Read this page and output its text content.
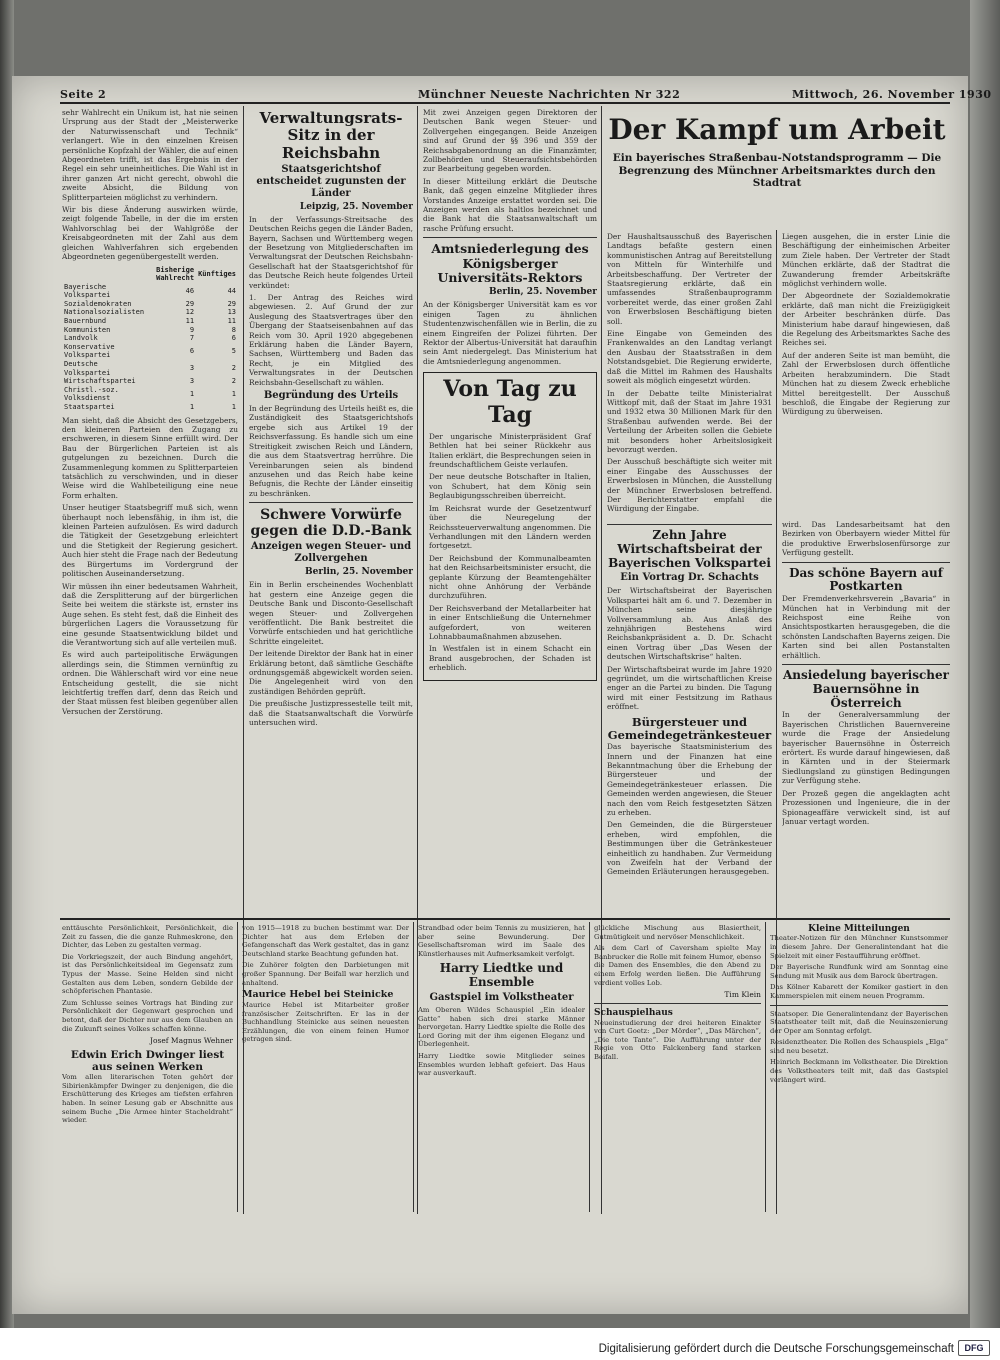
Seite 2	Münchner Neueste Nachrichten Nr 322	Mittwoch, 26. November 1930

sehr Wahlrecht ein Unikum ist, hat nie seinen Ursprung aus der Stadt der „Meisterwerke der Naturwissenschaft und Technik“ verlangert. Wie in den einzelnen Kreisen persönliche Kopfzahl der Wähler, die auf einen Abgeordneten trifft, ist das Ergebnis in der Regel ein sehr uneinheitliches. Die Wahl ist in ihrer ganzen Art nicht gerecht, obwohl die zweite Absicht, die Bildung von Splitterparteien möglichst zu verhindern.

Wir bis diese Änderung auswirken würde, zeigt folgende Tabelle, in der die im ersten Wahlvorschlag bei der Wahlgröße der Kreisabgeordneten mit der Zahl aus dem gleichen Wahlverfahren sich ergebenden Abgeordneten gegenübergestellt werden.

	Bisherige Wahlrecht	Künftiges
Bayerische Volkspartei	46	44
Sozialdemokraten	29	29
Nationalsozialisten	12	13
Bauernbund	11	11
Kommunisten	9	8
Landvolk	7	6
Konservative Volkspartei	6	5
Deutsche Volkspartei	3	2
Wirtschaftspartei	3	2
Christl.-soz. Volksdienst	1	1
Staatspartei	1	1

Man sieht, daß die Absicht des Gesetzgebers, den kleineren Parteien den Zugang zu erschweren, in diesem Sinne erfüllt wird. Der Bau der Bürgerlichen Parteien ist als gutgelungen zu bezeichnen. Durch die Zusammenlegung kommen zu Splitterparteien tatsächlich zu verschwinden, und in dieser Weise wird die Wahlbeteiligung eine neue Form erhalten.

Unser heutiger Staatsbegriff muß sich, wenn überhaupt noch lebensfähig, in ihm ist, die kleinen Parteien aufzulösen. Es wird dadurch die Tätigkeit der Gesetzgebung erleichtert und die Stetigkeit der Regierung gesichert. Auch hier steht die Frage nach der Bedeutung des Bürgertums im Vordergrund der politischen Auseinandersetzung.

Wir müssen ihn einer bedeutsamen Wahrheit, daß die Zersplitterung auf der bürgerlichen Seite bei weitem die stärkste ist, ernster ins Auge sehen. Es steht fest, daß die Einheit des bürgerlichen Lagers die Voraussetzung für eine gesunde Staatsentwicklung bildet und die Verantwortung sich auf alle verteilen muß.

Es wird auch parteipolitische Erwägungen allerdings sein, die Stimmen vernünftig zu ordnen. Die Wählerschaft wird vor eine neue Entscheidung gestellt, die sie nicht leichtfertig treffen darf, denn das Reich und der Staat müssen fest bleiben gegenüber allen Versuchen der Zerstörung.

Verwaltungsrats-Sitz in der Reichsbahn
Staatsgerichtshof entscheidet zugunsten der Länder
Leipzig, 25. November

In der Verfassungs-Streitsache des Deutschen Reichs gegen die Länder Baden, Bayern, Sachsen und Württemberg wegen der Besetzung von Mitgliederschaften im Verwaltungsrat der Deutschen Reichsbahn-Gesellschaft hat der Staatsgerichtshof für das Deutsche Reich heute folgendes Urteil verkündet:

1. Der Antrag des Reiches wird abgewiesen. 2. Auf Grund der zur Auslegung des Staatsvertrages über den Übergang der Staatseisenbahnen auf das Reich vom 30. April 1920 abgegebenen Erklärung haben die Länder Bayern, Sachsen, Württemberg und Baden das Recht, je ein Mitglied des Verwaltungsrates in der Deutschen Reichsbahn-Gesellschaft zu wählen.

Begründung des Urteils

In der Begründung des Urteils heißt es, die Zuständigkeit des Staatsgerichtshofs ergebe sich aus Artikel 19 der Reichsverfassung. Es handle sich um eine Streitigkeit zwischen Reich und Ländern, die aus dem Staatsvertrag herrühre. Die Vereinbarungen seien als bindend anzusehen und das Reich habe keine Befugnis, die Rechte der Länder einseitig zu beschränken.

Schwere Vorwürfe gegen die D.D.-Bank
Anzeigen wegen Steuer- und Zollvergehen
Berlin, 25. November

Ein in Berlin erscheinendes Wochenblatt hat gestern eine Anzeige gegen die Deutsche Bank und Disconto-Gesellschaft wegen Steuer- und Zollvergehen veröffentlicht. Die Bank bestreitet die Vorwürfe entschieden und hat gerichtliche Schritte eingeleitet.

Der leitende Direktor der Bank hat in einer Erklärung betont, daß sämtliche Geschäfte ordnungsgemäß abgewickelt worden seien. Die Angelegenheit wird von den zuständigen Behörden geprüft.

Die preußische Justizpressestelle teilt mit, daß die Staatsanwaltschaft die Vorwürfe untersuchen wird.

Mit zwei Anzeigen gegen Direktoren der Deutschen Bank wegen Steuer- und Zollvergehen eingegangen. Beide Anzeigen sind auf Grund der §§ 396 und 359 der Reichsabgabenordnung an die Finanzämter, Zollbehörden und Steueraufsichtsbehörden zur Bearbeitung gegeben worden.

In dieser Mitteilung erklärt die Deutsche Bank, daß gegen einzelne Mitglieder ihres Vorstandes Anzeige erstattet worden sei. Die Anzeigen werden als haltlos bezeichnet und die Bank hat die Staatsanwaltschaft um rasche Prüfung ersucht.

Amtsniederlegung des Königsberger Universitäts-Rektors
Berlin, 25. November

An der Königsberger Universität kam es vor einigen Tagen zu ähnlichen Studentenzwischenfällen wie in Berlin, die zu einem Eingreifen der Polizei führten. Der Rektor der Albertus-Universität hat daraufhin sein Amt niedergelegt. Das Ministerium hat die Amtsniederlegung angenommen.

Von Tag zu Tag

Der ungarische Ministerpräsident Graf Bethlen hat bei seiner Rückkehr aus Italien erklärt, die Besprechungen seien in freundschaftlichem Geiste verlaufen.

Der neue deutsche Botschafter in Italien, von Schubert, hat dem König sein Beglaubigungsschreiben überreicht.

Im Reichsrat wurde der Gesetzentwurf über die Neuregelung der Reichssteuerverwaltung angenommen. Die Verhandlungen mit den Ländern werden fortgesetzt.

Der Reichsbund der Kommunalbeamten hat den Reichsarbeitsminister ersucht, die geplante Kürzung der Beamtengehälter nicht ohne Anhörung der Verbände durchzuführen.

Der Reichsverband der Metallarbeiter hat in einer Entschließung die Unternehmer aufgefordert, von weiteren Lohnabbaumaßnahmen abzusehen.

In Westfalen ist in einem Schacht ein Brand ausgebrochen, der Schaden ist erheblich.

Der Kampf um Arbeit
Ein bayerisches Straßenbau-Notstandsprogramm — Die Begrenzung des Münchner Arbeitsmarktes durch den Stadtrat

Der Haushaltsausschuß des Bayerischen Landtags befaßte gestern einen kommunistischen Antrag auf Bereitstellung von Mitteln für Winterhilfe und Arbeitsbeschaffung. Der Vertreter der Staatsregierung erklärte, daß ein umfassendes Straßenbauprogramm vorbereitet werde, das einer großen Zahl von Erwerbslosen Beschäftigung bieten soll.

Eine Eingabe von Gemeinden des Frankenwaldes an den Landtag verlangt den Ausbau der Staatsstraßen in dem Notstandsgebiet. Die Regierung erwiderte, daß die Mittel im Rahmen des Haushalts soweit als möglich eingesetzt würden.

In der Debatte teilte Ministerialrat Wittkopf mit, daß der Staat im Jahre 1931 und 1932 etwa 30 Millionen Mark für den Straßenbau aufwenden werde. Bei der Verteilung der Arbeiten sollen die Gebiete mit besonders hoher Arbeitslosigkeit bevorzugt werden.

Der Ausschuß beschäftigte sich weiter mit einer Eingabe des Ausschusses der Erwerbslosen in München, die Ausstellung der Münchner Erwerbslosen betreffend. Der Berichterstatter empfahl die Würdigung der Eingabe.

Liegen ausgehen, die in erster Linie die Beschäftigung der einheimischen Arbeiter zum Ziele haben. Der Vertreter der Stadt München erklärte, daß der Stadtrat die Zuwanderung fremder Arbeitskräfte möglichst verhindern wolle.

Der Abgeordnete der Sozialdemokratie erklärte, daß man nicht die Freizügigkeit der Arbeiter beschränken dürfe. Das Ministerium habe darauf hingewiesen, daß die Regelung des Arbeitsmarktes Sache des Reiches sei.

Auf der anderen Seite ist man bemüht, die Zahl der Erwerbslosen durch öffentliche Arbeiten herabzumindern. Die Stadt München hat zu diesem Zweck erhebliche Mittel bereitgestellt. Der Ausschuß beschloß, die Eingabe der Regierung zur Würdigung zu überweisen.

Zehn Jahre Wirtschaftsbeirat der Bayerischen Volkspartei
Ein Vortrag Dr. Schachts

Der Wirtschaftsbeirat der Bayerischen Volkspartei hält am 6. und 7. Dezember in München seine diesjährige Vollversammlung ab. Aus Anlaß des zehnjährigen Bestehens wird Reichsbankpräsident a. D. Dr. Schacht einen Vortrag über „Das Wesen der deutschen Wirtschaftskrise“ halten.

Der Wirtschaftsbeirat wurde im Jahre 1920 gegründet, um die wirtschaftlichen Kreise enger an die Partei zu binden. Die Tagung wird mit einer Festsitzung im Rathaus eröffnet.

Bürgersteuer und Gemeindegetränkesteuer

Das bayerische Staatsministerium des Innern und der Finanzen hat eine Bekanntmachung über die Erhebung der Bürgersteuer und der Gemeindegetränkesteuer erlassen. Die Gemeinden werden angewiesen, die Steuer nach den vom Reich festgesetzten Sätzen zu erheben.

Den Gemeinden, die die Bürgersteuer erheben, wird empfohlen, die Bestimmungen über die Getränkesteuer einheitlich zu handhaben. Zur Vermeidung von Zweifeln hat der Verband der Gemeinden Erläuterungen herausgegeben.

wird. Das Landesarbeitsamt hat den Bezirken von Oberbayern wieder Mittel für die produktive Erwerbslosenfürsorge zur Verfügung gestellt.

Das schöne Bayern auf Postkarten

Der Fremdenverkehrsverein „Bavaria“ in München hat in Verbindung mit der Reichspost eine Reihe von Ansichtspostkarten herausgegeben, die die schönsten Landschaften Bayerns zeigen. Die Karten sind bei allen Postanstalten erhältlich.

Ansiedelung bayerischer Bauernsöhne in Österreich

In der Generalversammlung der Bayerischen Christlichen Bauernvereine wurde die Frage der Ansiedelung bayerischer Bauernsöhne in Österreich erörtert. Es wurde darauf hingewiesen, daß in Kärnten und in der Steiermark Siedlungsland zu günstigen Bedingungen zur Verfügung stehe.

Der Prozeß gegen die angeklagten acht Prozessionen und Ingenieure, die in der Spionageaffäre verwickelt sind, ist auf Januar vertagt worden.

enttäuschte Persönlichkeit, Persönlichkeit, die Zeit zu fassen, die die ganze Ruhmeskrone, den Dichter, das Leben zu gestalten vermag.

Die Vorkriegszeit, der auch Bindung angehört, ist das Persönlichkeitsideal im Gegensatz zum Typus der Masse. Seine Helden sind nicht Gestalten aus dem Leben, sondern Gebilde der schöpferischen Phantasie.

Zum Schlusse seines Vortrags hat Binding zur Persönlichkeit der Gegenwart gesprochen und betont, daß der Dichter nur aus dem Glauben an die Zukunft seines Volkes schaffen könne.

Josef Magnus Wehner
Edwin Erich Dwinger liest aus seinen Werken

Vom allen literarischen Toten gehört der Sibirienkämpfer Dwinger zu denjenigen, die die Erschütterung des Krieges am tiefsten erfahren haben. In seiner Lesung gab er Abschnitte aus seinem Buche „Die Armee hinter Stacheldraht“ wieder.

von 1915—1918 zu buchen bestimmt war. Der Dichter hat aus dem Erleben der Gefangenschaft das Werk gestaltet, das in ganz Deutschland starke Beachtung gefunden hat.

Die Zuhörer folgten den Darbietungen mit großer Spannung. Der Beifall war herzlich und anhaltend.

Maurice Hebel bei Steinicke

Maurice Hebel ist Mitarbeiter großer französischer Zeitschriften. Er las in der Buchhandlung Steinicke aus seinen neuesten Erzählungen, die von einem feinen Humor getragen sind.

Strandbad oder beim Tennis zu musizieren, hat aber seine Bewunderung. Der Gesellschaftsroman wird im Saale des Künstlerhauses mit Aufmerksamkeit verfolgt.

Harry Liedtke und Ensemble
Gastspiel im Volkstheater

Am Oberen Wildes Schauspiel „Ein idealer Gatte“ haben sich drei starke Männer hervorgetan. Harry Liedtke spielte die Rolle des Lord Goring mit der ihm eigenen Eleganz und Überlegenheit.

Harry Liedtke sowie Mitglieder seines Ensembles wurden lebhaft gefeiert. Das Haus war ausverkauft.

glückliche Mischung aus Blasiertheit, Gutmütigkeit und nervöser Menschlichkeit.

Als dem Carl of Caversham spielte May Banbrucker die Rolle mit feinem Humor, ebenso die Damen des Ensembles, die den Abend zu einem Erfolg werden ließen. Die Aufführung verdient volles Lob.

Tim Klein
Schauspielhaus

Neueinstudierung der drei heiteren Einakter von Curt Goetz: „Der Mörder“, „Das Märchen“, „Die tote Tante“. Die Aufführung unter der Regie von Otto Falckenberg fand starken Beifall.

Kleine Mitteilungen

Theater-Notizen für den Münchner Kunstsommer in diesem Jahre. Der Generalintendant hat die Spielzeit mit einer Festaufführung eröffnet.

Der Bayerische Rundfunk wird am Sonntag eine Sendung mit Musik aus dem Barock übertragen.

Das Kölner Kabarett der Komiker gastiert in den Kammerspielen mit einem neuen Programm.

Staatsoper. Die Generalintendanz der Bayerischen Staatstheater teilt mit, daß die Neuinszenierung der Oper am Sonntag erfolgt.

Residenztheater. Die Rollen des Schauspiels „Elga“ sind neu besetzt.

Heinrich Beckmann im Volkstheater. Die Direktion des Volkstheaters teilt mit, daß das Gastspiel verlängert wird.

Digitalisierung gefördert durch die Deutsche Forschungsgemeinschaft	DFG
